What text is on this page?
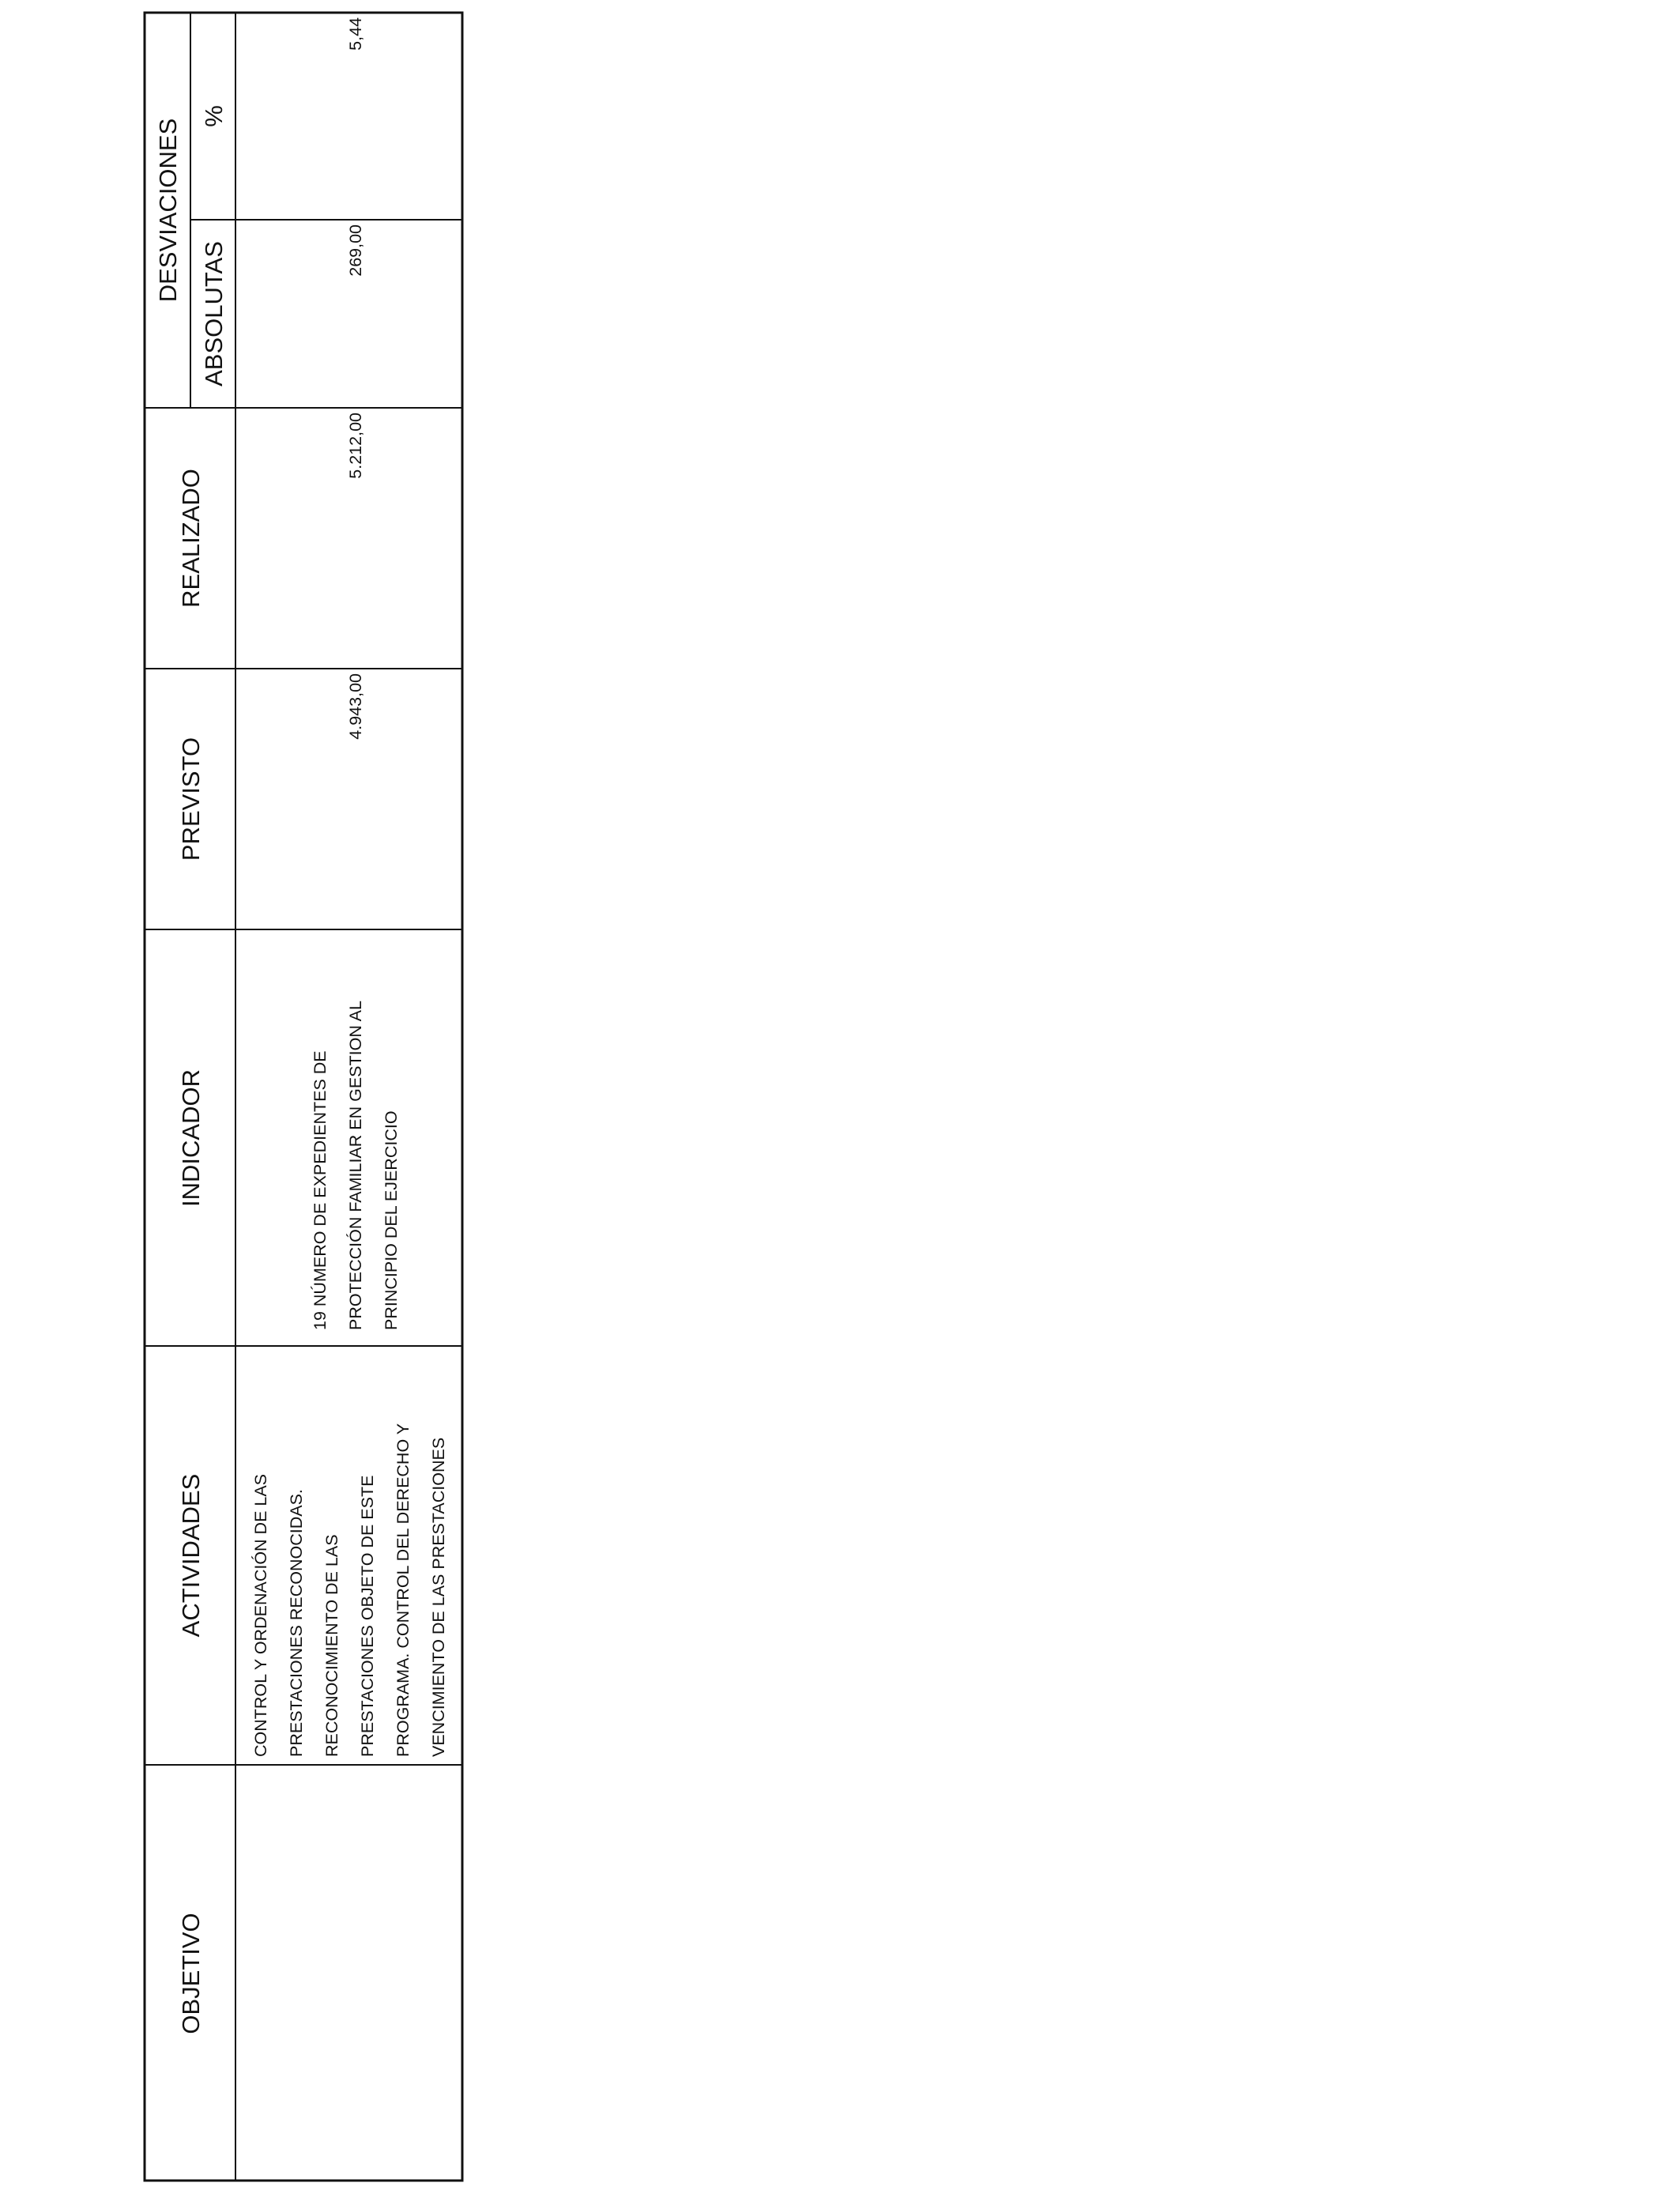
OBJETIVO
ACTIVIDADES
INDICADOR
PREVISTO
REALIZADO
DESVIACIONES
ABSOLUTAS
%
CONTROL Y ORDENACIÓN DE LAS PRESTACIONES RECONOCIDAS. RECONOCIMIENTO DE LAS PRESTACIONES OBJETO DE ESTE PROGRAMA. CONTROL DEL DERECHO Y VENCIMIENTO DE LAS PRESTACIONES
19 NÚMERO DE EXPEDIENTES DE PROTECCIÓN FAMILIAR EN GESTION AL PRINCIPIO DEL EJERCICIO
4.943,00
5.212,00
269,00
5,44
